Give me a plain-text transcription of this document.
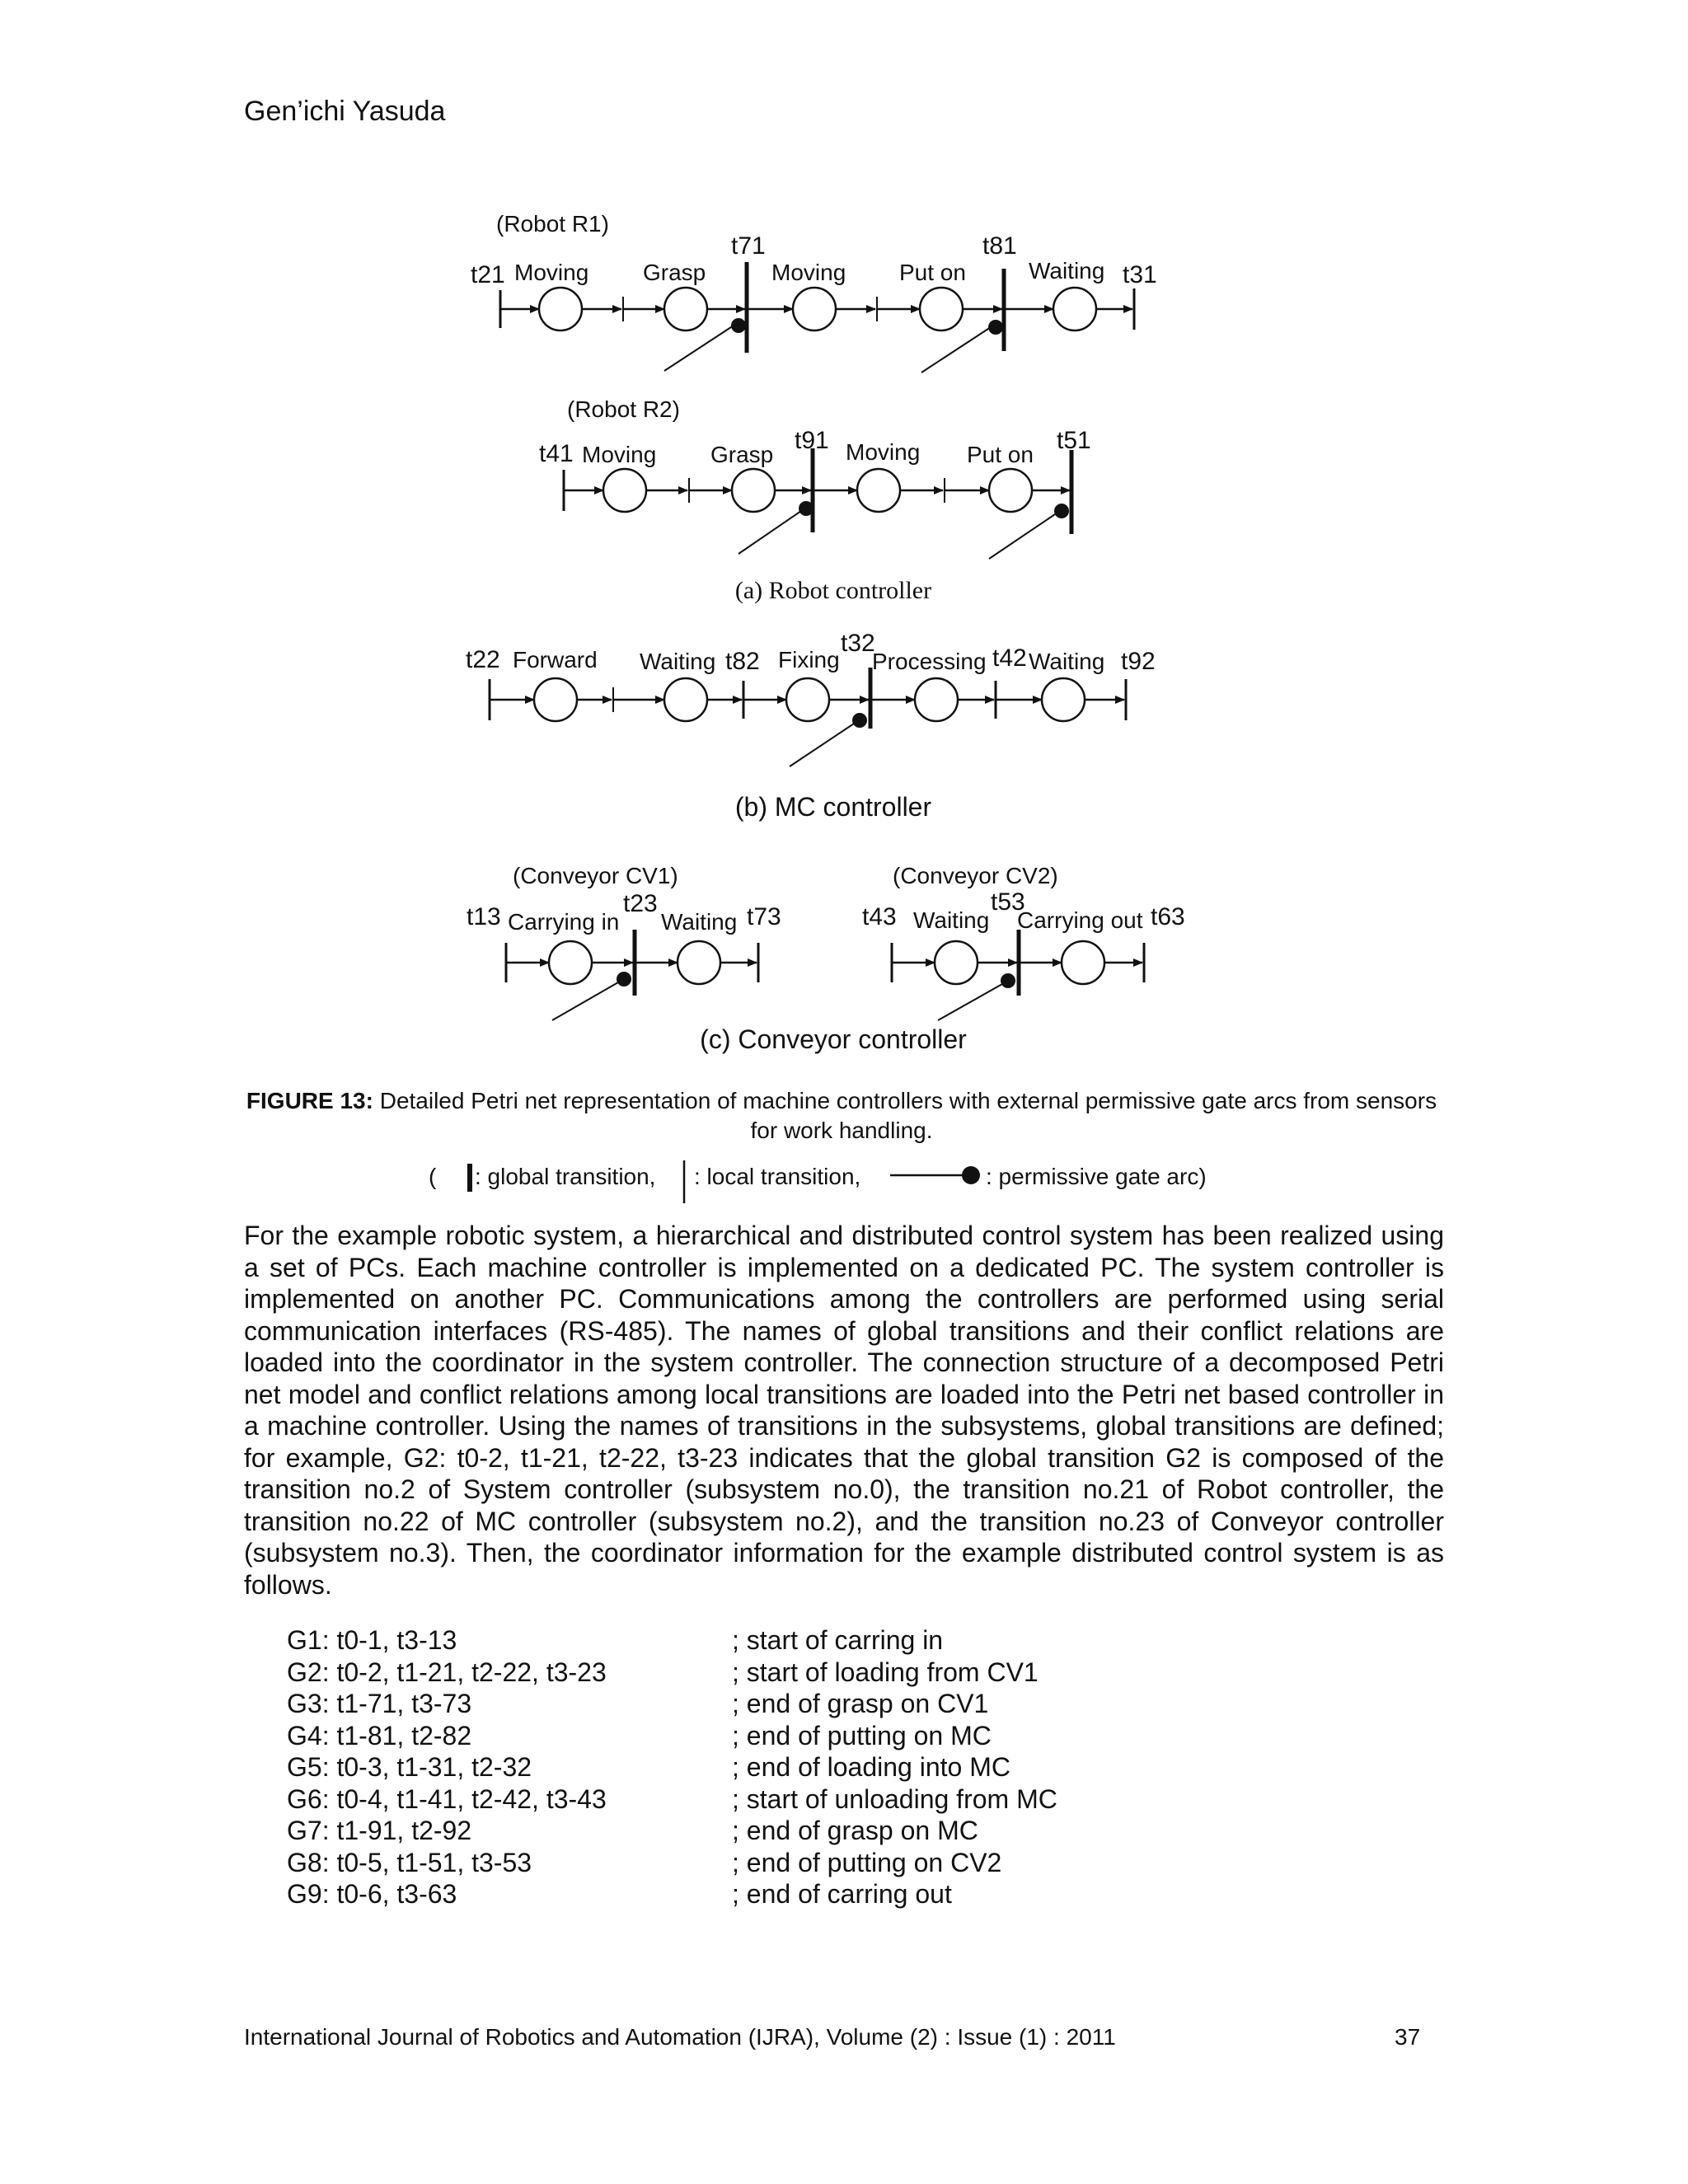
Gen’ichi Yasuda
(Robot R1)
t21 Moving Grasp
t71
Moving Put on
t81
Waiting t31
(Robot R2)
t41 Moving Grasp
t91 Moving Put on
t51
(a) Robot controller
t22 Forward Waiting t82 Fixing
t32
Processing t42 Waiting t92
(b) MC controller
(Conveyor CV1)
t13 Carrying in
t23
Waiting t73
(Conveyor CV2)
t43 Waiting
t53
Carrying out t63
(c) Conveyor controller
FIGURE 13: Detailed Petri net representation of machine controllers with external permissive gate arcs from sensors for work handling.
( : global transition, : local transition,	: permissive gate arc)

For the example robotic system, a hierarchical and distributed control system has been realized using a set of PCs. Each machine controller is implemented on a dedicated PC. The system controller is implemented on another PC. Communications among the controllers are performed using serial communication interfaces (RS-485). The names of global transitions and their conflict relations are loaded into the coordinator in the system controller. The connection structure of a decomposed Petri net model and conflict relations among local transitions are loaded into the Petri net based controller in a machine controller. Using the names of transitions in the subsystems, global transitions are defined; for example, G2: t0-2, t1-21, t2-22, t3-23 indicates that the global transition G2 is composed of the transition no.2 of System controller (subsystem no.0), the transition no.21 of Robot controller, the transition no.22 of MC controller (subsystem no.2), and the transition no.23 of Conveyor controller (subsystem no.3). Then, the coordinator information for the example distributed control system is as follows.

G1: t0-1, t3-13	; start of carring in
G2: t0-2, t1-21, t2-22, t3-23	; start of loading from CV1
G3: t1-71, t3-73	; end of grasp on CV1
G4: t1-81, t2-82	; end of putting on MC
G5: t0-3, t1-31, t2-32	; end of loading into MC
G6: t0-4, t1-41, t2-42, t3-43	; start of unloading from MC
G7: t1-91, t2-92	; end of grasp on MC
G8: t0-5, t1-51, t3-53	; end of putting on CV2
G9: t0-6, t3-63	; end of carring out
International Journal of Robotics and Automation (IJRA), Volume (2) : Issue (1) : 2011	37
